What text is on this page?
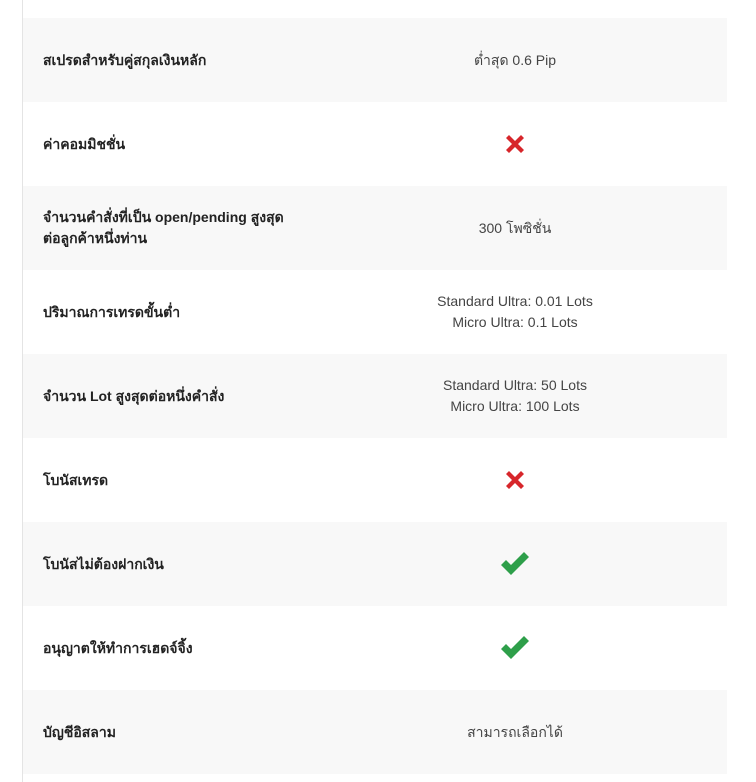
สเปรดสำหรับคู่สกุลเงินหลัก	ต่ำสุด 0.6 Pip
ค่าคอมมิชชั่น
จำนวนคำสั่งที่เป็น open/pending สูงสุด
ต่อลูกค้าหนึ่งท่าน
300 โพซิชั่น
ปริมาณการเทรดขั้นต่ำ
Standard Ultra: 0.01 Lots
Micro Ultra: 0.1 Lots
จำนวน Lot สูงสุดต่อหนึ่งคำสั่ง
Standard Ultra: 50 Lots
Micro Ultra: 100 Lots
โบนัสเทรด
โบนัสไม่ต้องฝากเงิน
อนุญาตให้ทำการเฮดจ์จิ้ง
บัญชีอิสลาม	สามารถเลือกได้
